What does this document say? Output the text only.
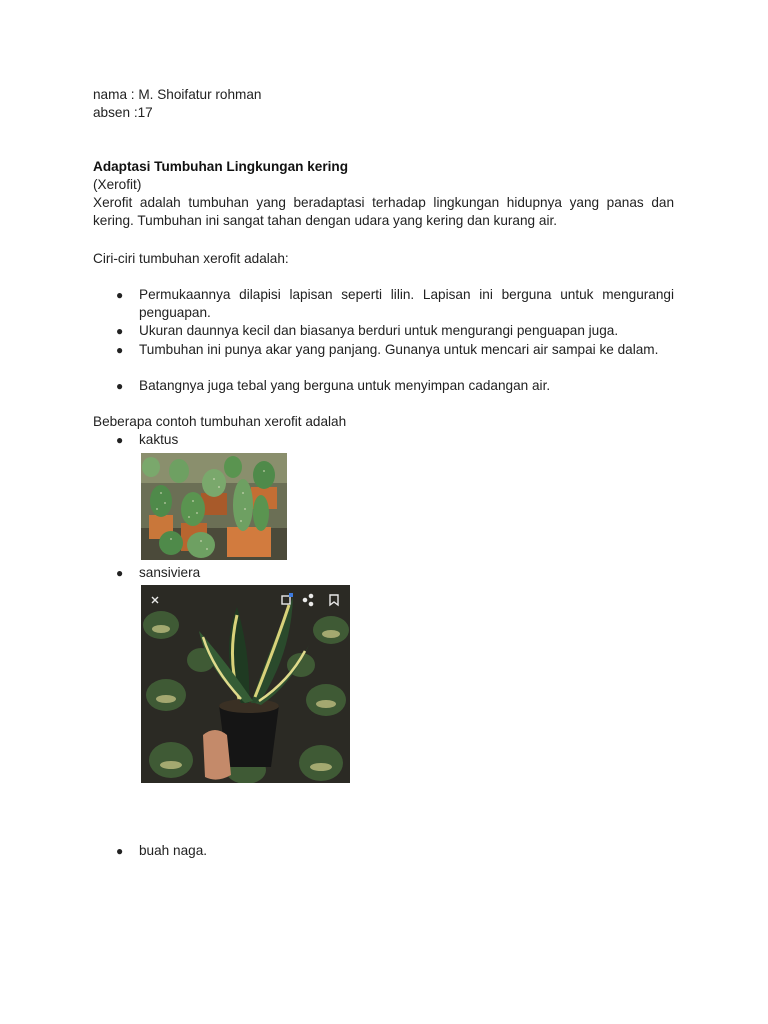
nama : M. Shoifatur rohman
absen :17
Adaptasi Tumbuhan Lingkungan kering
(Xerofit)
Xerofit adalah tumbuhan yang beradaptasi terhadap lingkungan hidupnya yang panas dan kering. Tumbuhan ini sangat tahan dengan udara yang kering dan kurang air.
Ciri-ciri tumbuhan xerofit adalah:
●	Permukaannya dilapisi lapisan seperti lilin. Lapisan ini berguna untuk mengurangi penguapan.
●	Ukuran daunnya kecil dan biasanya berduri untuk mengurangi penguapan juga.
●	Tumbuhan ini punya akar yang panjang. Gunanya untuk mencari air sampai ke dalam.
●	Batangnya juga tebal yang berguna untuk menyimpan cadangan air.
Beberapa contoh tumbuhan xerofit adalah
●	kaktus
●	sansiviera
●	buah naga.
